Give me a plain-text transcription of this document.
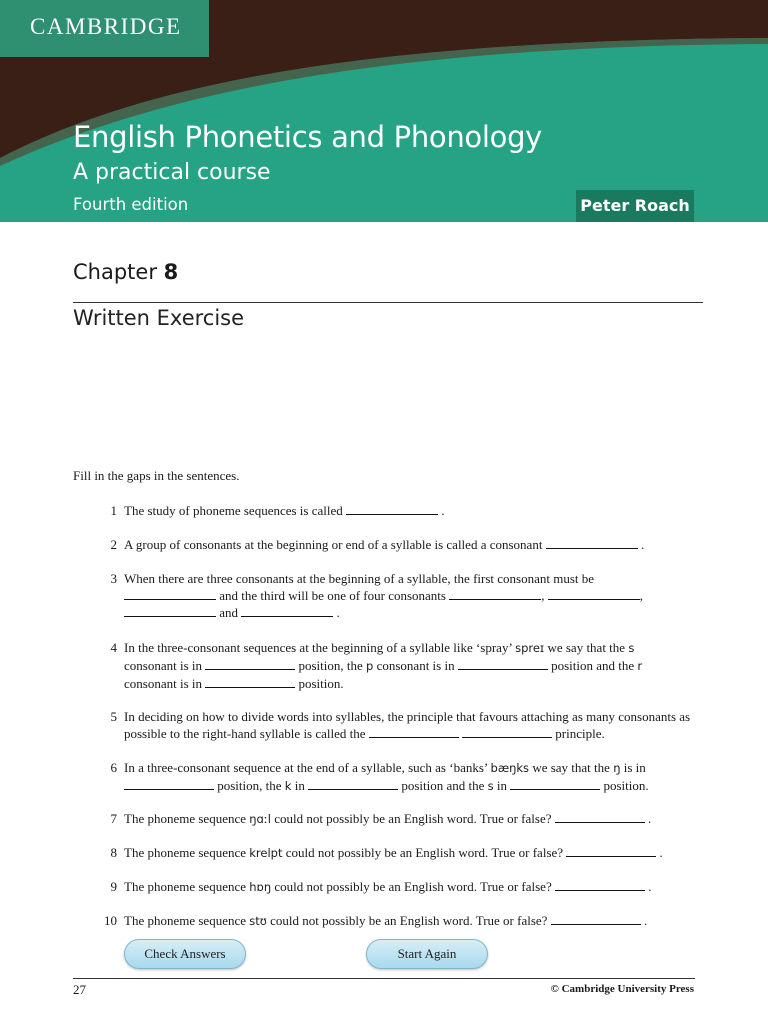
CAMBRIDGE
English Phonetics and Phonology
A practical course
Fourth edition	Peter Roach
Chapter 8
Written Exercise
Fill in the gaps in the sentences.
1 The study of phoneme sequences is called	.
2 A group of consonants at the beginning or end of a syllable is called a consonant	.
3 When there are three consonants at the beginning of a syllable, the first consonant must be
and the third will be one of four consonants	,	,
and	.
4 In the three-consonant sequences at the beginning of a syllable like ‘spray’ spreɪ we say that the s
consonant is in	position, the p consonant is in	position and the r
consonant is in	position.
5 In deciding on how to divide words into syllables, the principle that favours attaching as many consonants as possible to the right-hand syllable is called the	principle.
6 In a three-consonant sequence at the end of a syllable, such as ‘banks’ bæŋks we say that the ŋ is in
position, the k in	position and the s in	position.
7 The phoneme sequence ŋɑːl could not possibly be an English word. True or false?	.
8 The phoneme sequence krelpt could not possibly be an English word. True or false?	.
9 The phoneme sequence hɒŋ could not possibly be an English word. True or false?	.
10 The phoneme sequence stʊ could not possibly be an English word. True or false?	.
Check Answers	Start Again
27	© Cambridge University Press
